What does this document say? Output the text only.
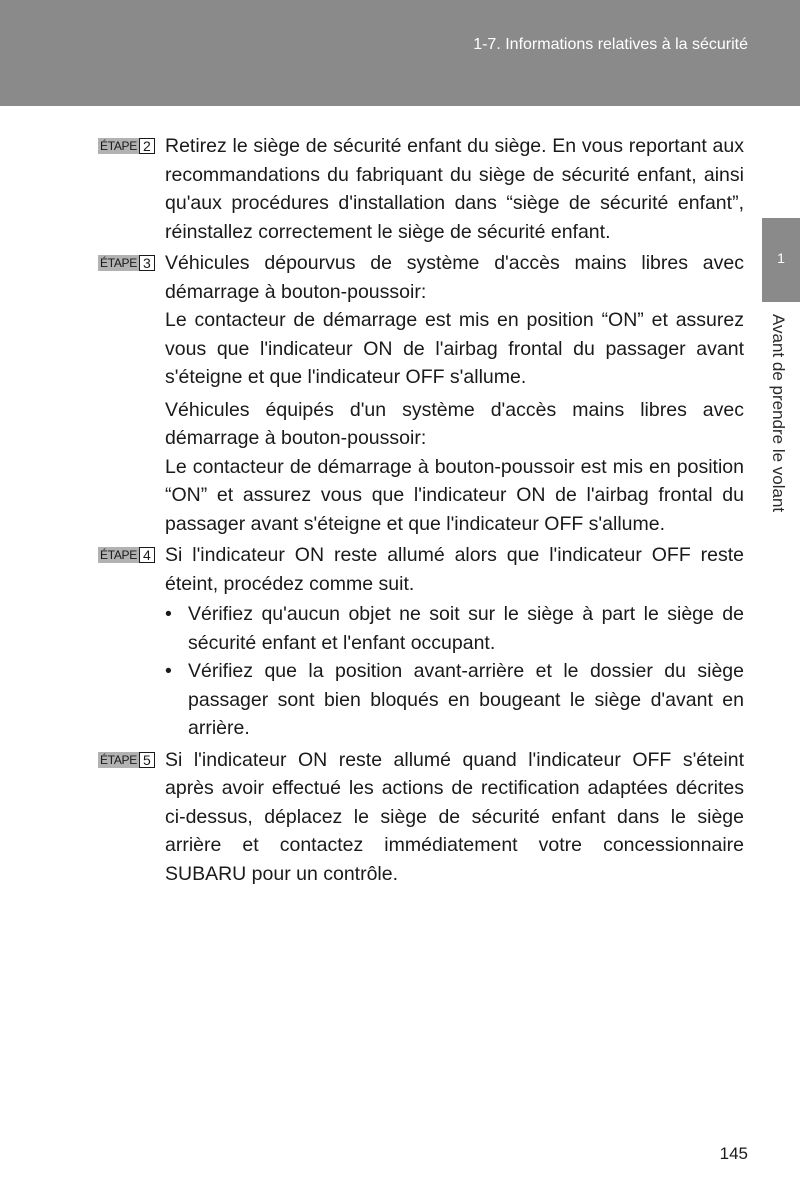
1-7. Informations relatives à la sécurité
1
Avant de prendre le volant
ÉTAPE 2 Retirez le siège de sécurité enfant du siège. En vous reportant aux recommandations du fabriquant du siège de sécurité enfant, ainsi qu'aux procédures d'installation dans “siège de sécurité enfant”, réinstallez correctement le siège de sécurité enfant.

ÉTAPE 3 Véhicules dépourvus de système d'accès mains libres avec démarrage à bouton-poussoir:

Le contacteur de démarrage est mis en position “ON” et assurez vous que l'indicateur ON de l'airbag frontal du passager avant s'éteigne et que l'indicateur OFF s'allume.

Véhicules équipés d'un système d'accès mains libres avec démarrage à bouton-poussoir:

Le contacteur de démarrage à bouton-poussoir est mis en position “ON” et assurez vous que l'indicateur ON de l'airbag frontal du passager avant s'éteigne et que l'indicateur OFF s'allume.

ÉTAPE 4 Si l'indicateur ON reste allumé alors que l'indicateur OFF reste éteint, procédez comme suit.

• Vérifiez qu'aucun objet ne soit sur le siège à part le siège de sécurité enfant et l'enfant occupant.
• Vérifiez que la position avant-arrière et le dossier du siège passager sont bien bloqués en bougeant le siège d'avant en arrière.
ÉTAPE 5 Si l'indicateur ON reste allumé quand l'indicateur OFF s'éteint après avoir effectué les actions de rectification adaptées décrites ci-dessus, déplacez le siège de sécurité enfant dans le siège arrière et contactez immédiatement votre concessionnaire SUBARU pour un contrôle.

145
